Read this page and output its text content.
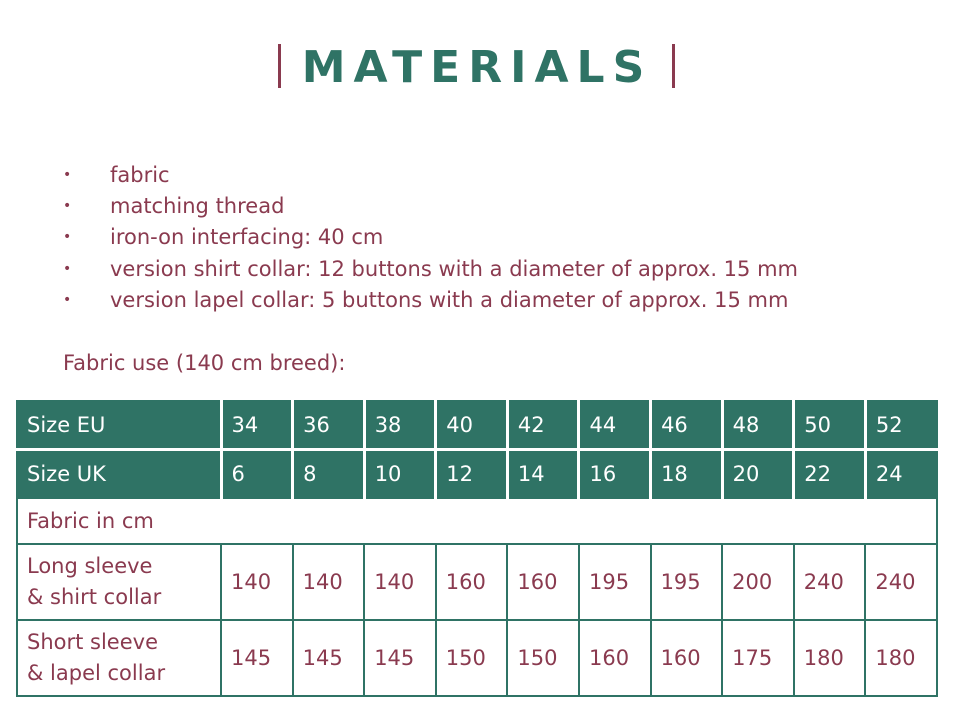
MATERIALS
• fabric
• matching thread
• iron-on interfacing: 40 cm
• version shirt collar: 12 buttons with a diameter of approx. 15 mm
• version lapel collar: 5 buttons with a diameter of approx. 15 mm
Fabric use (140 cm breed):
Size EU	34	36	38	40	42	44	46	48	50	52
Size UK	6	8	10	12	14	16	18	20	22	24
Fabric in cm										
Long sleeve
& shirt collar	140	140	140	160	160	195	195	200	240	240
Short sleeve
& lapel collar	145	145	145	150	150	160	160	175	180	180
